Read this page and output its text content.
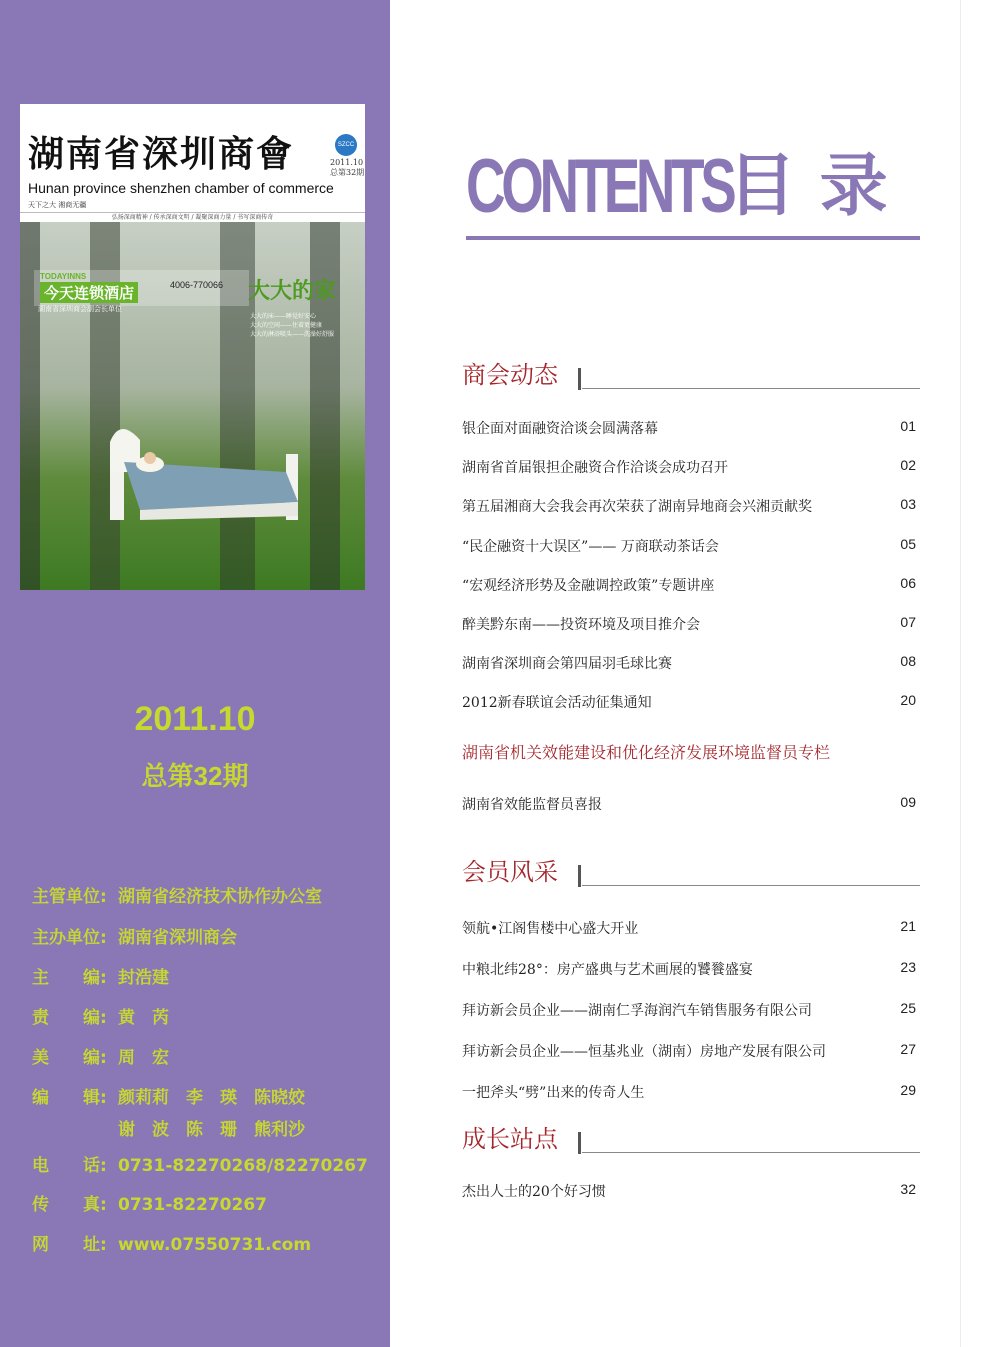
湖南省深圳商會
Hunan province shenzhen chamber of commerce
天下之大 湘商无疆
SZCC
2011.10
总第32期
弘扬深商精神 / 传承深商文明 / 凝聚深商力量 / 书写深商传奇
TODAYINNS
今天连锁酒店	4006-770066
湖南省深圳商会副会长单位
大大的家
大大的床——睡觉好安心
大大的空间——住着更健康
大大的淋浴喷头——洗澡好舒服
2011.10
总第32期
主管单位: 湖南省经济技术协作办公室
主办单位: 湖南省深圳商会
主　　编: 封浩建
责　　编: 黄　芮
美　　编: 周　宏
编　　辑: 颜莉莉　李　瑛　陈晓姣
谢　波　陈　珊　熊利沙
电　　话: 0731-82270268/82270267
传　　真: 0731-82270267
网　　址: www.07550731.com
CONTENTS
目 录
商会动态
银企面对面融资洽谈会圆满落幕	01
湖南省首届银担企融资合作洽谈会成功召开	02
第五届湘商大会我会再次荣获了湖南异地商会兴湘贡献奖	03
“民企融资十大误区”—— 万商联动茶话会	05
“宏观经济形势及金融调控政策”专题讲座	06
醉美黔东南——投资环境及项目推介会	07
湖南省深圳商会第四届羽毛球比赛	08
2012新春联谊会活动征集通知	20
湖南省机关效能建设和优化经济发展环境监督员专栏
湖南省效能监督员喜报	09
会员风采
领航•江阁售楼中心盛大开业	21
中粮北纬28°：房产盛典与艺术画展的饕餮盛宴	23
拜访新会员企业——湖南仁孚海润汽车销售服务有限公司	25
拜访新会员企业——恒基兆业（湖南）房地产发展有限公司	27
一把斧头“劈”出来的传奇人生	29
成长站点
杰出人士的20个好习惯	32
